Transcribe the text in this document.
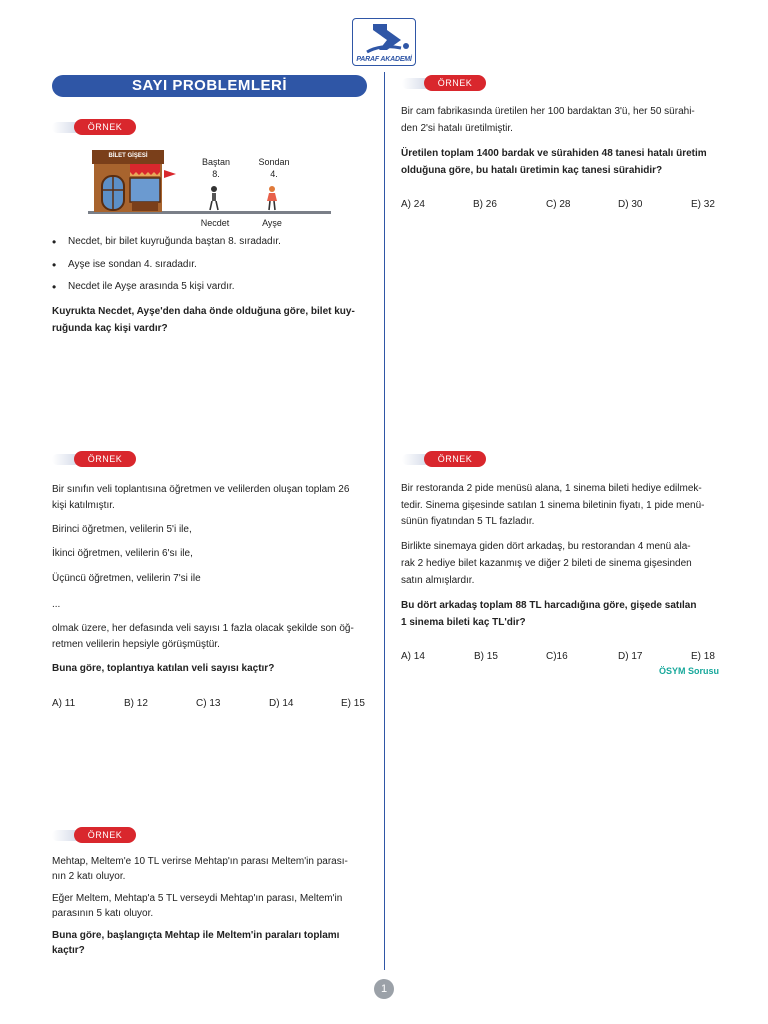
PARAF AKADEMİ
SAYI PROBLEMLERİ
ÖRNEK
BİLET GİŞESİ
Baştan
8.
Sondan
4.
Necdet	Ayşe
• Necdet, bir bilet kuyruğunda baştan 8. sıradadır.
• Ayşe ise sondan 4. sıradadır.
• Necdet ile Ayşe arasında 5 kişi vardır.

Kuyrukta Necdet, Ayşe'den daha önde olduğuna göre, bilet kuy-

ruğunda kaç kişi vardır?

ÖRNEK

Bir sınıfın veli toplantısına öğretmen ve velilerden oluşan toplam 26

kişi katılmıştır.

Birinci öğretmen, velilerin 5'i ile,

İkinci öğretmen, velilerin 6'sı ile,

Üçüncü öğretmen, velilerin 7'si ile

...

olmak üzere, her defasında veli sayısı 1 fazla olacak şekilde son öğ-

retmen velilerin hepsiyle görüşmüştür.

Buna göre, toplantıya katılan veli sayısı kaçtır?

A) 11	B) 12	C) 13	D) 14	E) 15
ÖRNEK

Mehtap, Meltem'e 10 TL verirse Mehtap'ın parası Meltem'in parası-

nın 2 katı oluyor.

Eğer Meltem, Mehtap'a 5 TL verseydi Mehtap'ın parası, Meltem'in

parasının 5 katı oluyor.

Buna göre, başlangıçta Mehtap ile Meltem'in paraları toplamı

kaçtır?

ÖRNEK

Bir cam fabrikasında üretilen her 100 bardaktan 3'ü, her 50 sürahi-

den 2'si hatalı üretilmiştir.

Üretilen toplam 1400 bardak ve sürahiden 48 tanesi hatalı üretim

olduğuna göre, bu hatalı üretimin kaç tanesi sürahidir?

A) 24	B) 26	C) 28	D) 30	E) 32
ÖRNEK

Bir restoranda 2 pide menüsü alana, 1 sinema bileti hediye edilmek-

tedir. Sinema gişesinde satılan 1 sinema biletinin fiyatı, 1 pide menü-

sünün fiyatından 5 TL fazladır.

Birlikte sinemaya giden dört arkadaş, bu restorandan 4 menü ala-

rak 2 hediye bilet kazanmış ve diğer 2 bileti de sinema gişesinden

satın almışlardır.

Bu dört arkadaş toplam 88 TL harcadığına göre, gişede satılan

1 sinema bileti kaç TL'dir?

A) 14	B) 15	C)16	D) 17	E) 18
ÖSYM Sorusu
1
